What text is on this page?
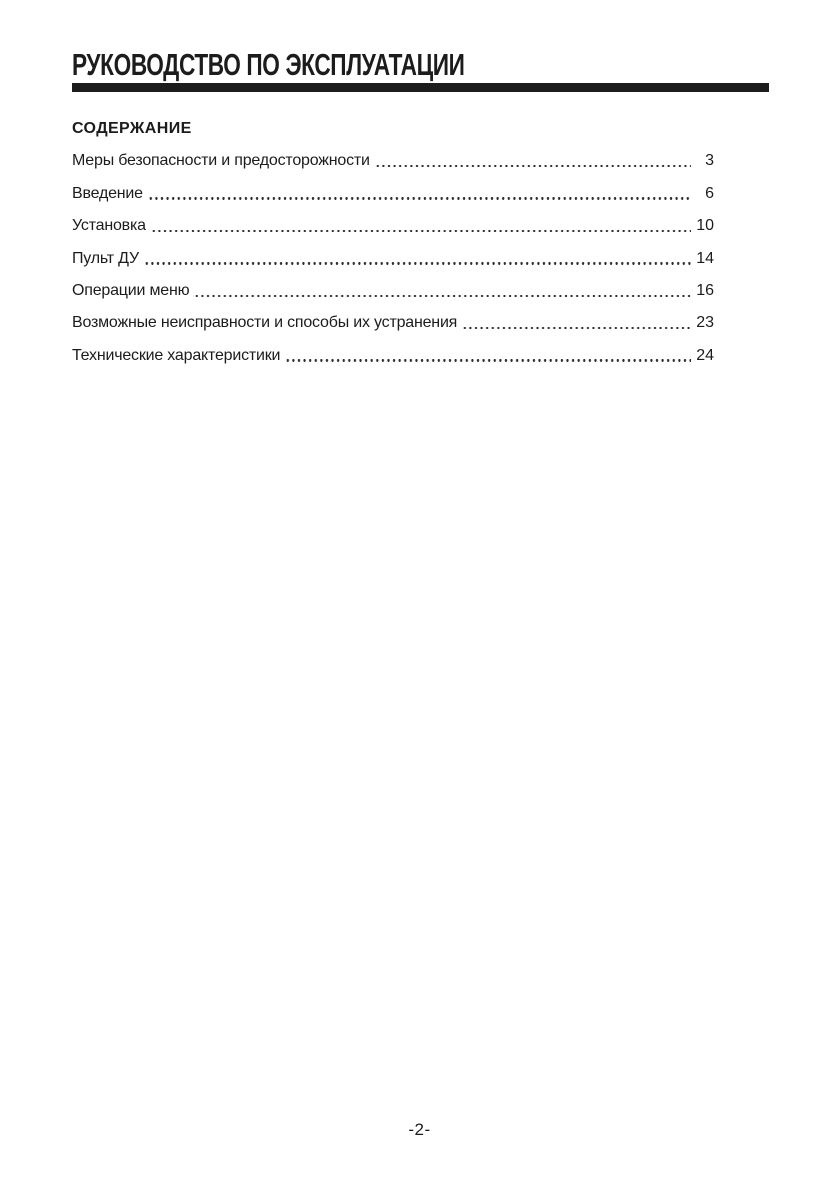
РУКОВОДСТВО ПО ЭКСПЛУАТАЦИИ
СОДЕРЖАНИЕ
Меры безопасности и предосторожности	3
Введение	6
Установка	10
Пульт ДУ	14
Операции меню	16
Возможные неисправности и способы их устранения	23
Технические характеристики	24
-2-
